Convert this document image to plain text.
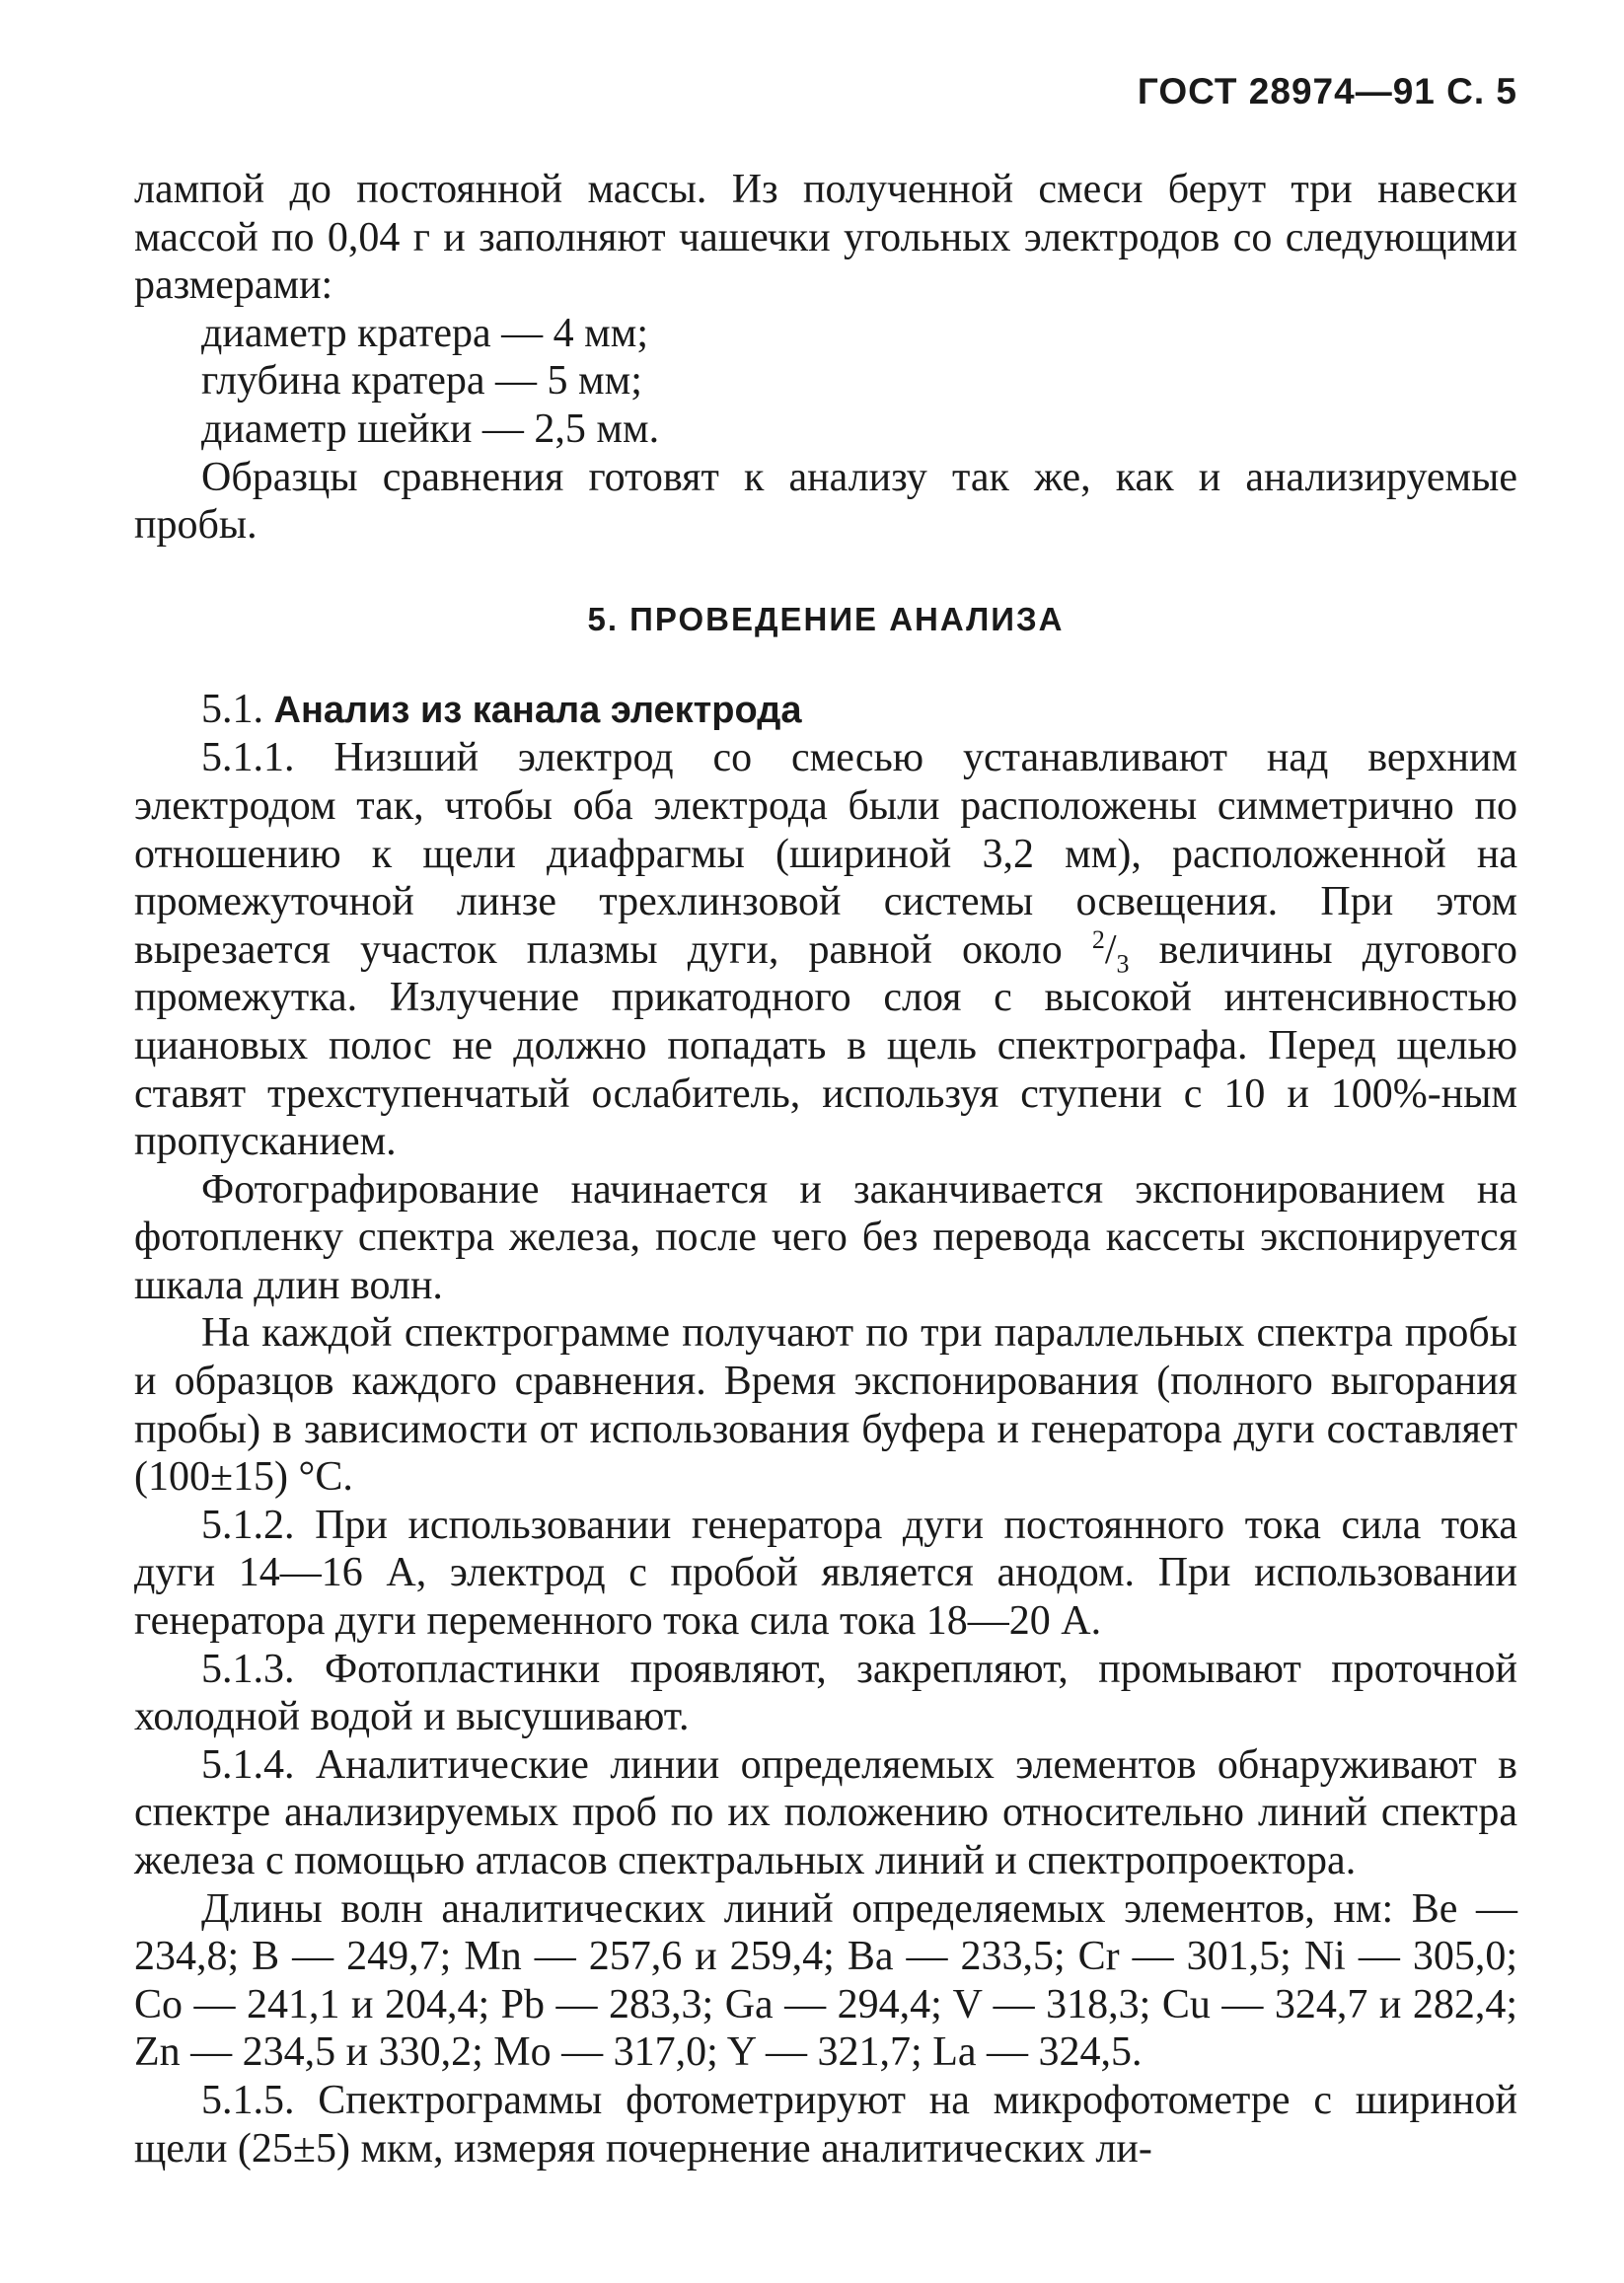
ГОСТ 28974—91 С. 5

лампой до постоянной массы. Из полученной смеси берут три навески массой по 0,04 г и заполняют чашечки угольных электродов со следующими размерами:

диаметр кратера — 4 мм;
глубина кратера — 5 мм;
диаметр шейки — 2,5 мм.

Образцы сравнения готовят к анализу так же, как и анализируемые пробы.

5. ПРОВЕДЕНИЕ АНАЛИЗА

5.1. Анализ из канала электрода

5.1.1. Низший электрод со смесью устанавливают над верхним электродом так, чтобы оба электрода были расположены симметрично по отношению к щели диафрагмы (шириной 3,2 мм), расположенной на промежуточной линзе трехлинзовой системы освещения. При этом вырезается участок плазмы дуги, равной около $^2/_3$ величины дугового промежутка. Излучение прикатодного слоя с высокой интенсивностью циановых полос не должно попадать в щель спектрографа. Перед щелью ставят трехступенчатый ослабитель, используя ступени с 10 и 100%-ным пропусканием.

Фотографирование начинается и заканчивается экспонированием на фотопленку спектра железа, после чего без перевода кассеты экспонируется шкала длин волн.

На каждой спектрограмме получают по три параллельных спектра пробы и образцов каждого сравнения. Время экспонирования (полного выгорания пробы) в зависимости от использования буфера и генератора дуги составляет (100±15) °С.

5.1.2. При использовании генератора дуги постоянного тока сила тока дуги 14—16 А, электрод с пробой является анодом. При использовании генератора дуги переменного тока сила тока 18—20 А.

5.1.3. Фотопластинки проявляют, закрепляют, промывают проточной холодной водой и высушивают.

5.1.4. Аналитические линии определяемых элементов обнаруживают в спектре анализируемых проб по их положению относительно линий спектра железа с помощью атласов спектральных линий и спектропроектора.

Длины волн аналитических линий определяемых элементов, нм: Be — 234,8; B — 249,7; Mn — 257,6 и 259,4; Ba — 233,5; Cr — 301,5; Ni — 305,0; Co — 241,1 и 204,4; Pb — 283,3; Ga — 294,4; V — 318,3; Cu — 324,7 и 282,4; Zn — 234,5 и 330,2; Mo — 317,0; Y — 321,7; La — 324,5.

5.1.5. Спектрограммы фотометрируют на микрофотометре с шириной щели (25±5) мкм, измеряя почернение аналитических ли-
